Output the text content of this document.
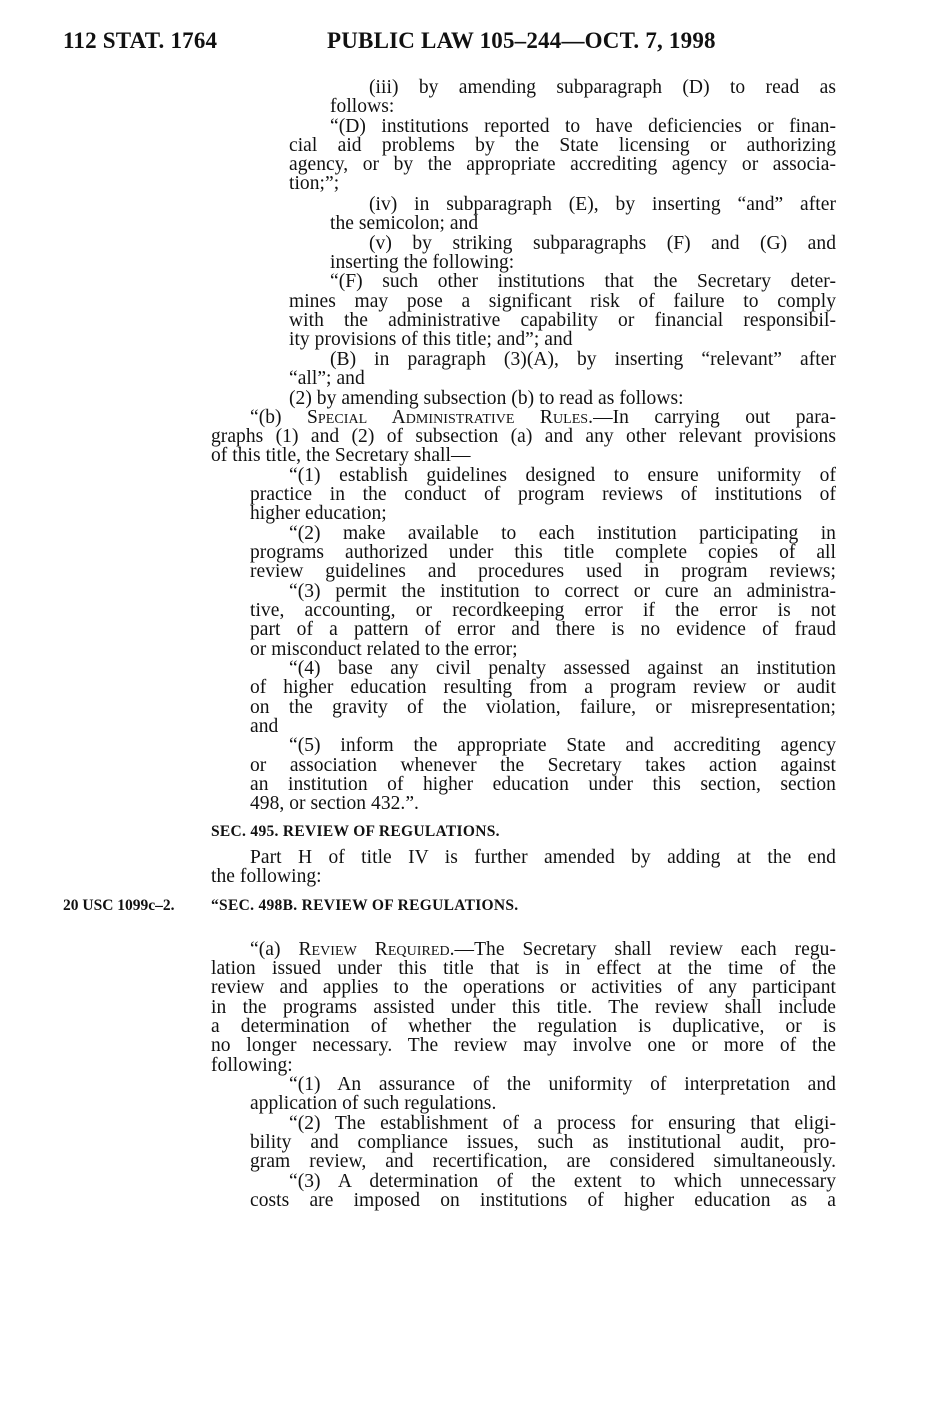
112 STAT. 1764	PUBLIC LAW 105–244—OCT. 7, 1998
20 USC 1099c–2.
(iii) by amending subparagraph (D) to read as
follows:
“(D) institutions reported to have deficiencies or finan-
cial aid problems by the State licensing or authorizing
agency, or by the appropriate accrediting agency or associa-
tion;”;
(iv) in subparagraph (E), by inserting “and” after
the semicolon; and
(v) by striking subparagraphs (F) and (G) and
inserting the following:
“(F) such other institutions that the Secretary deter-
mines may pose a significant risk of failure to comply
with the administrative capability or financial responsibil-
ity provisions of this title; and”; and
(B) in paragraph (3)(A), by inserting “relevant” after
“all”; and
(2) by amending subsection (b) to read as follows:
“(b) Special Administrative Rules.—In carrying out para-
graphs (1) and (2) of subsection (a) and any other relevant provisions
of this title, the Secretary shall—
“(1) establish guidelines designed to ensure uniformity of
practice in the conduct of program reviews of institutions of
higher education;
“(2) make available to each institution participating in
programs authorized under this title complete copies of all
review guidelines and procedures used in program reviews;
“(3) permit the institution to correct or cure an administra-
tive, accounting, or recordkeeping error if the error is not
part of a pattern of error and there is no evidence of fraud
or misconduct related to the error;
“(4) base any civil penalty assessed against an institution
of higher education resulting from a program review or audit
on the gravity of the violation, failure, or misrepresentation;
and
“(5) inform the appropriate State and accrediting agency
or association whenever the Secretary takes action against
an institution of higher education under this section, section
498, or section 432.”.
Part H of title IV is further amended by adding at the end
the following:
“(a) Review Required.—The Secretary shall review each regu-
lation issued under this title that is in effect at the time of the
review and applies to the operations or activities of any participant
in the programs assisted under this title. The review shall include
a determination of whether the regulation is duplicative, or is
no longer necessary. The review may involve one or more of the
following:
“(1) An assurance of the uniformity of interpretation and
application of such regulations.
“(2) The establishment of a process for ensuring that eligi-
bility and compliance issues, such as institutional audit, pro-
gram review, and recertification, are considered simultaneously.
“(3) A determination of the extent to which unnecessary
costs are imposed on institutions of higher education as a
SEC. 495. REVIEW OF REGULATIONS.
“SEC. 498B. REVIEW OF REGULATIONS.
